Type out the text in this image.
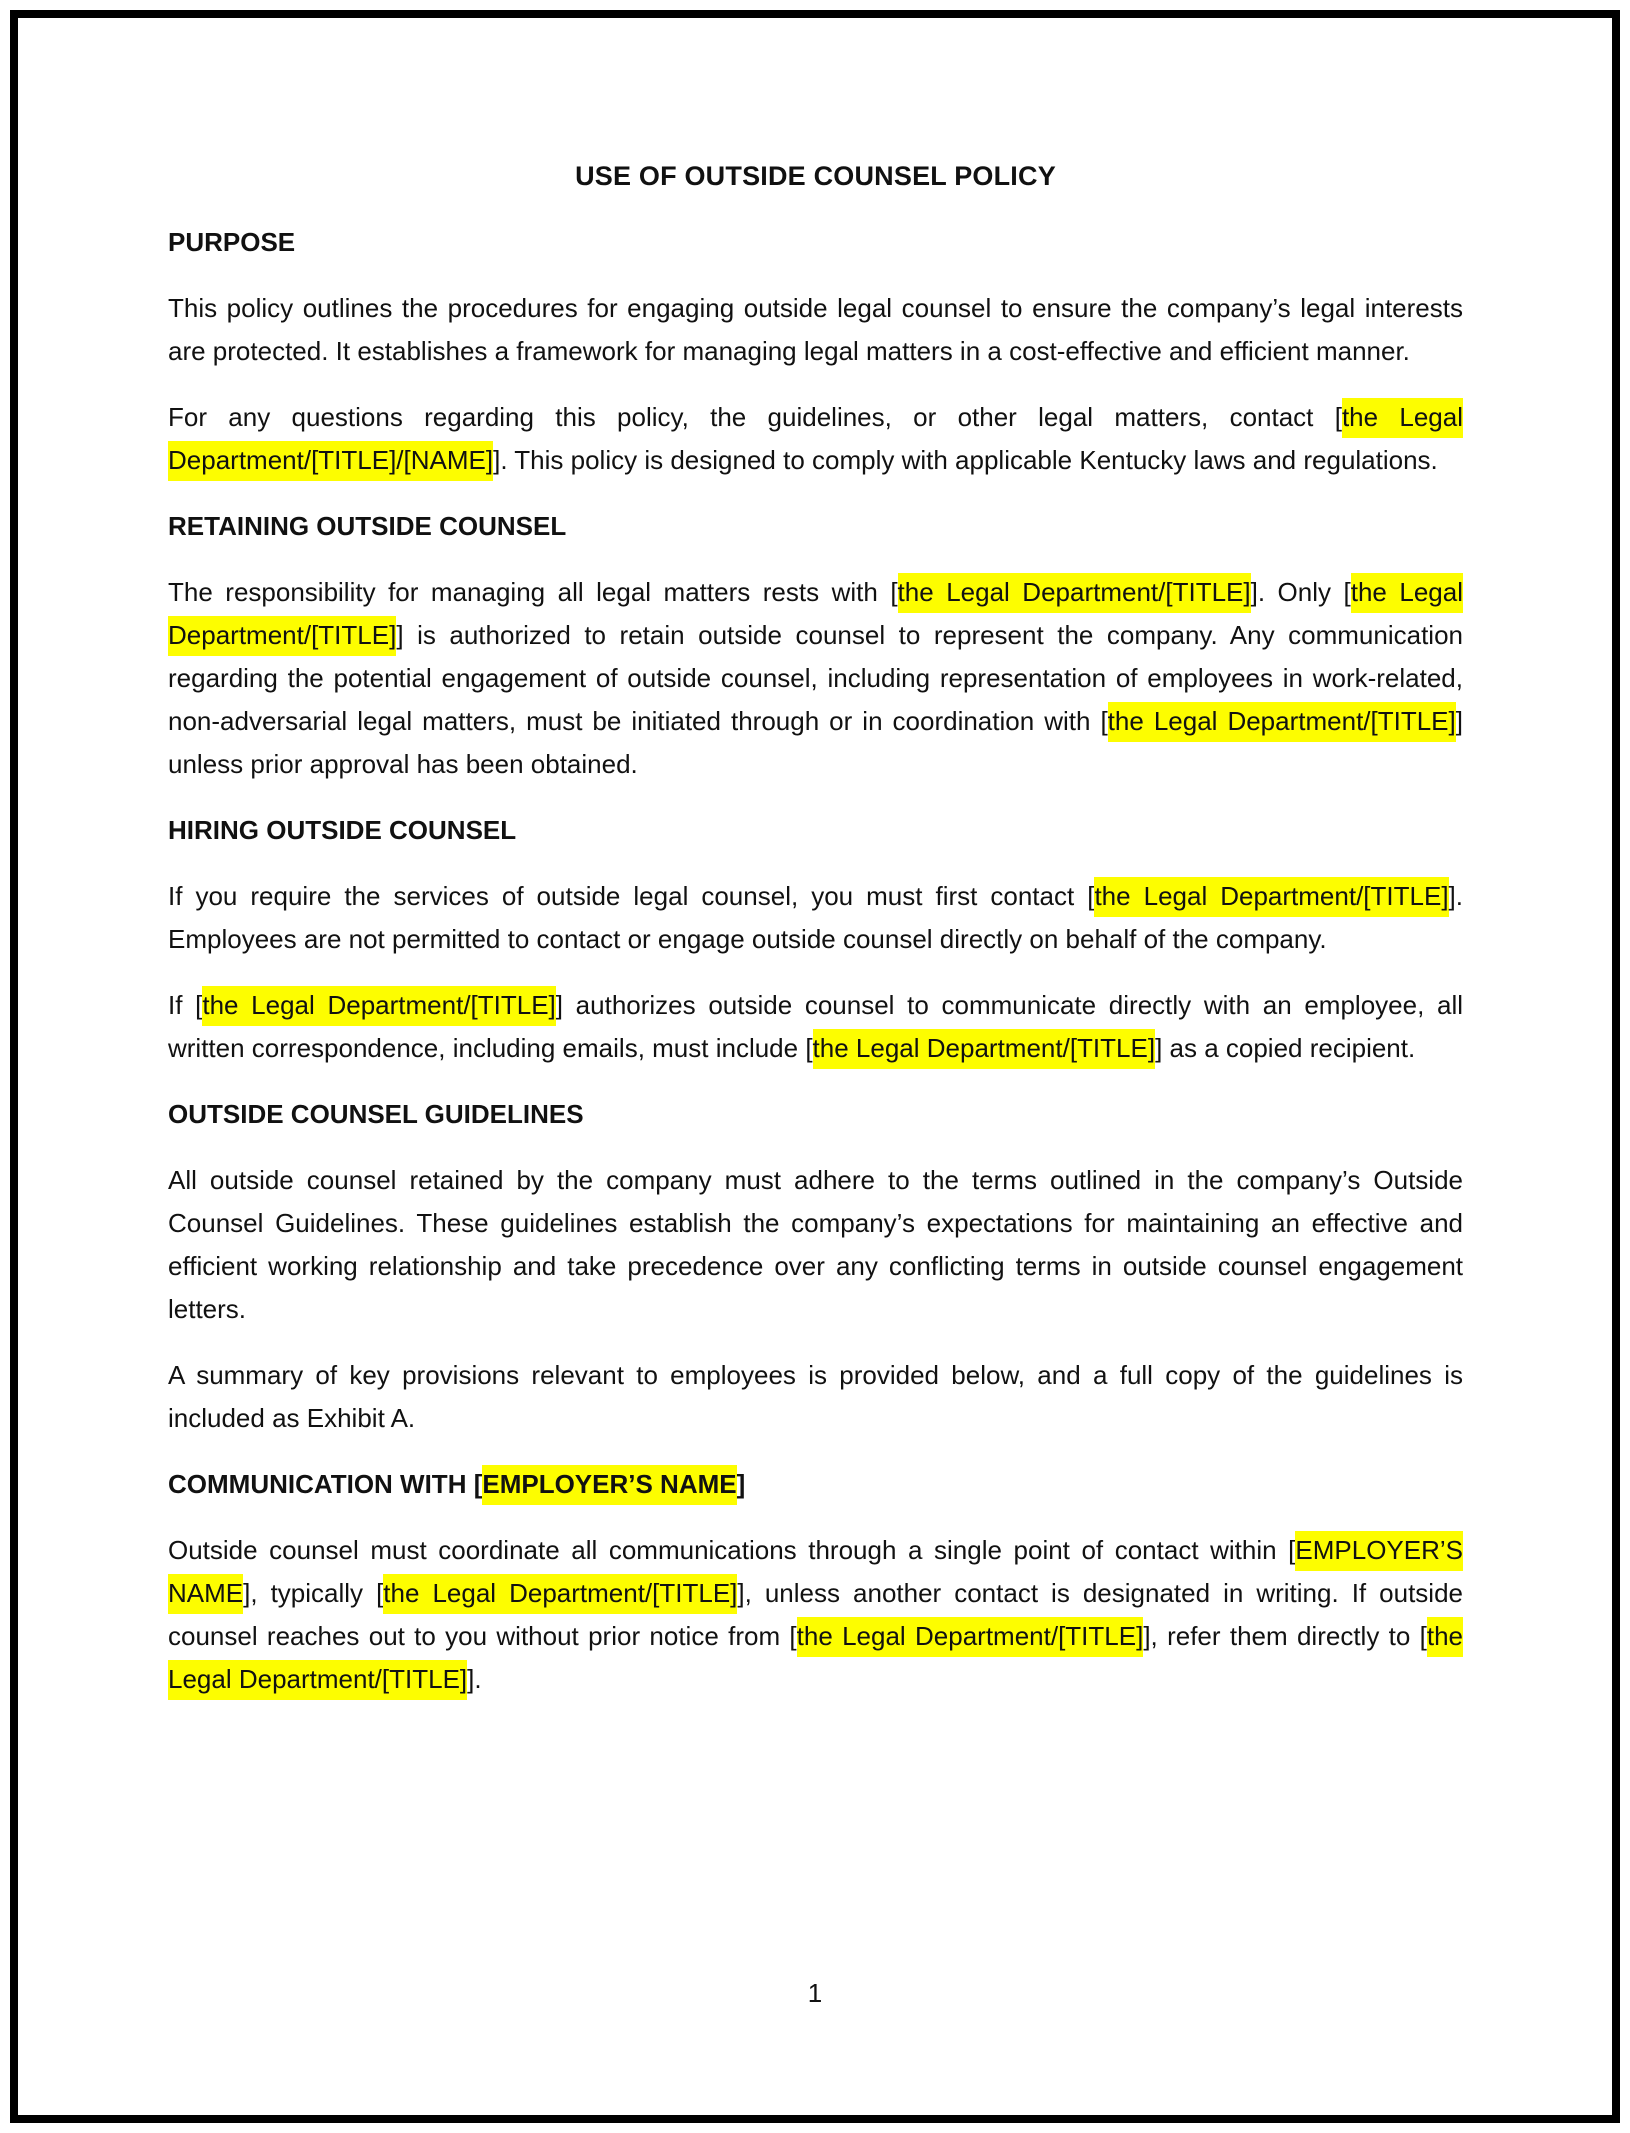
USE OF OUTSIDE COUNSEL POLICY
PURPOSE

This policy outlines the procedures for engaging outside legal counsel to ensure the company’s legal interests are protected. It establishes a framework for managing legal matters in a cost-effective and efficient manner.

For any questions regarding this policy, the guidelines, or other legal matters, contact [the Legal Department/[TITLE]/[NAME]]. This policy is designed to comply with applicable Kentucky laws and regulations.

RETAINING OUTSIDE COUNSEL

The responsibility for managing all legal matters rests with [the Legal Department/[TITLE]]. Only [the Legal Department/[TITLE]] is authorized to retain outside counsel to represent the company. Any communication regarding the potential engagement of outside counsel, including representation of employees in work-related, non-adversarial legal matters, must be initiated through or in coordination with [the Legal Department/[TITLE]] unless prior approval has been obtained.

HIRING OUTSIDE COUNSEL

If you require the services of outside legal counsel, you must first contact [the Legal Department/[TITLE]]. Employees are not permitted to contact or engage outside counsel directly on behalf of the company.

If [the Legal Department/[TITLE]] authorizes outside counsel to communicate directly with an employee, all written correspondence, including emails, must include [the Legal Department/[TITLE]] as a copied recipient.

OUTSIDE COUNSEL GUIDELINES

All outside counsel retained by the company must adhere to the terms outlined in the company’s Outside Counsel Guidelines. These guidelines establish the company’s expectations for maintaining an effective and efficient working relationship and take precedence over any conflicting terms in outside counsel engagement letters.

A summary of key provisions relevant to employees is provided below, and a full copy of the guidelines is included as Exhibit A.

COMMUNICATION WITH [EMPLOYER’S NAME]

Outside counsel must coordinate all communications through a single point of contact within [EMPLOYER’S NAME], typically [the Legal Department/[TITLE]], unless another contact is designated in writing. If outside counsel reaches out to you without prior notice from [the Legal Department/[TITLE]], refer them directly to [the Legal Department/[TITLE]].

1
